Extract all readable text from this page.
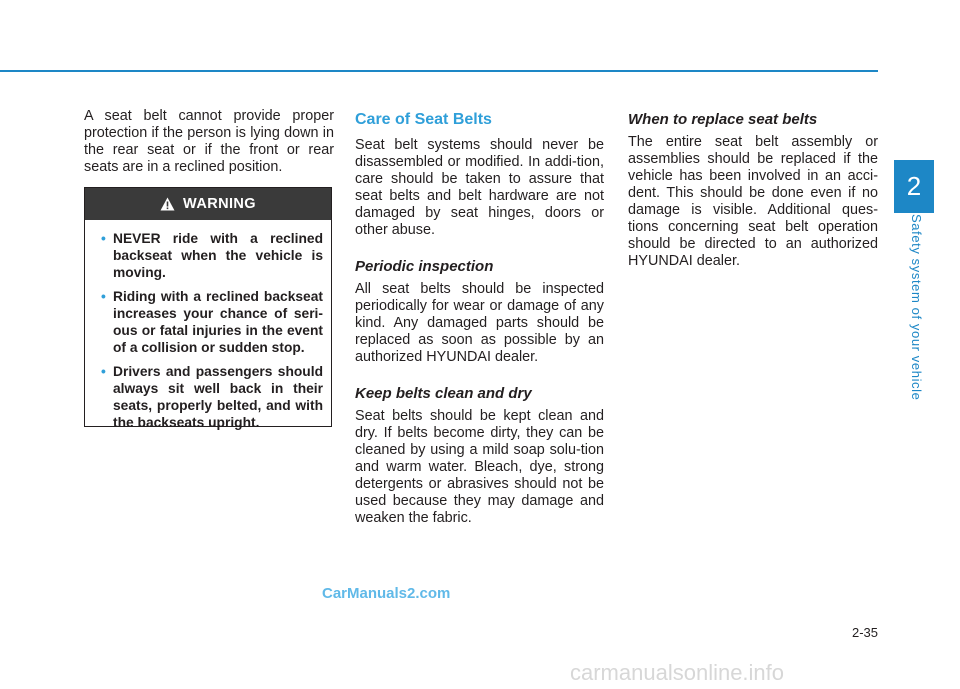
2
Safety system of your vehicle

A seat belt cannot provide proper protection if the person is lying down in the rear seat or if the front or rear seats are in a reclined position.

WARNING
• NEVER ride with a reclined backseat when the vehicle is moving.
• Riding with a reclined backseat increases your chance of seri-ous or fatal injuries in the event of a collision or sudden stop.
• Drivers and passengers should always sit well back in their seats, properly belted, and with the backseats upright.
Care of Seat Belts

Seat belt systems should never be disassembled or modified. In addi-tion, care should be taken to assure that seat belts and belt hardware are not damaged by seat hinges, doors or other abuse.

Periodic inspection

All seat belts should be inspected periodically for wear or damage of any kind. Any damaged parts should be replaced as soon as possible by an authorized HYUNDAI dealer.

Keep belts clean and dry

Seat belts should be kept clean and dry. If belts become dirty, they can be cleaned by using a mild soap solu-tion and warm water. Bleach, dye, strong detergents or abrasives should not be used because they may damage and weaken the fabric.

When to replace seat belts

The entire seat belt assembly or assemblies should be replaced if the vehicle has been involved in an acci-dent. This should be done even if no damage is visible. Additional ques-tions concerning seat belt operation should be directed to an authorized HYUNDAI dealer.

CarManuals2.com
carmanualsonline.info
2-35
